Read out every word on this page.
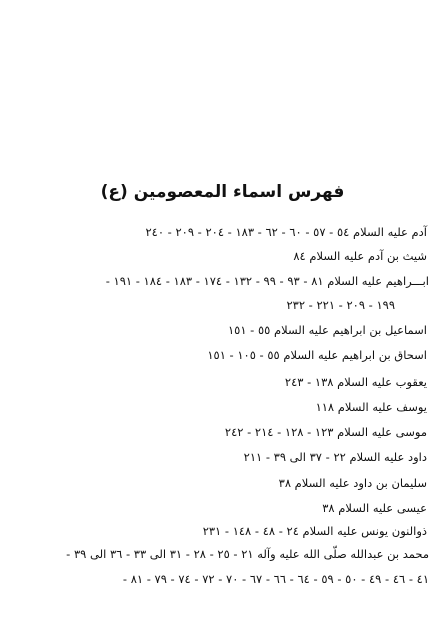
فهرس اسماء المعصومين (ع)
آدم عليه السلام ٥٤ - ٥٧ - ٦٠ - ٦٢ - ١٨٣ - ٢٠٤ - ٢٠٩ - ٢٤٠
شيث بن آدم عليه السلام ٨٤
ابـــراهيم عليه السلام ٨١ - ٩٣ - ٩٩ - ١٣٢ - ١٧٤ - ١٨٣ - ١٨٤ - ١٩١ -
١٩٩ - ٢٠٩ - ٢٢١ - ٢٣٢
اسماعيل بن ابراهيم عليه السلام ٥٥ - ١٥١
اسحاق بن ابراهيم عليه السلام ٥٥ - ١٠٥ - ١٥١
يعقوب عليه السلام ١٣٨ - ٢٤٣
يوسف عليه السلام ١١٨
موسى عليه السلام ١٢٣ - ١٢٨ - ٢١٤ - ٢٤٢
داود عليه السلام ٢٢ - ٣٧ الى ٣٩ - ٢١١
سليمان بن داود عليه السلام ٣٨
عيسى عليه السلام ٣٨
ذوالنون يونس عليه السلام ٢٤ - ٤٨ - ١٤٨ - ٢٣١
محمد بن عبدالله صلّى الله عليه وآله ٢١ - ٢٥ - ٢٨ - ٣١ الى ٣٣ - ٣٦ الى ٣٩ -
٤١ - ٤٦ - ٤٩ - ٥٠ - ٥٩ - ٦٤ - ٦٦ - ٦٧ - ٧٠ - ٧٢ - ٧٤ - ٧٩ - ٨١ -
